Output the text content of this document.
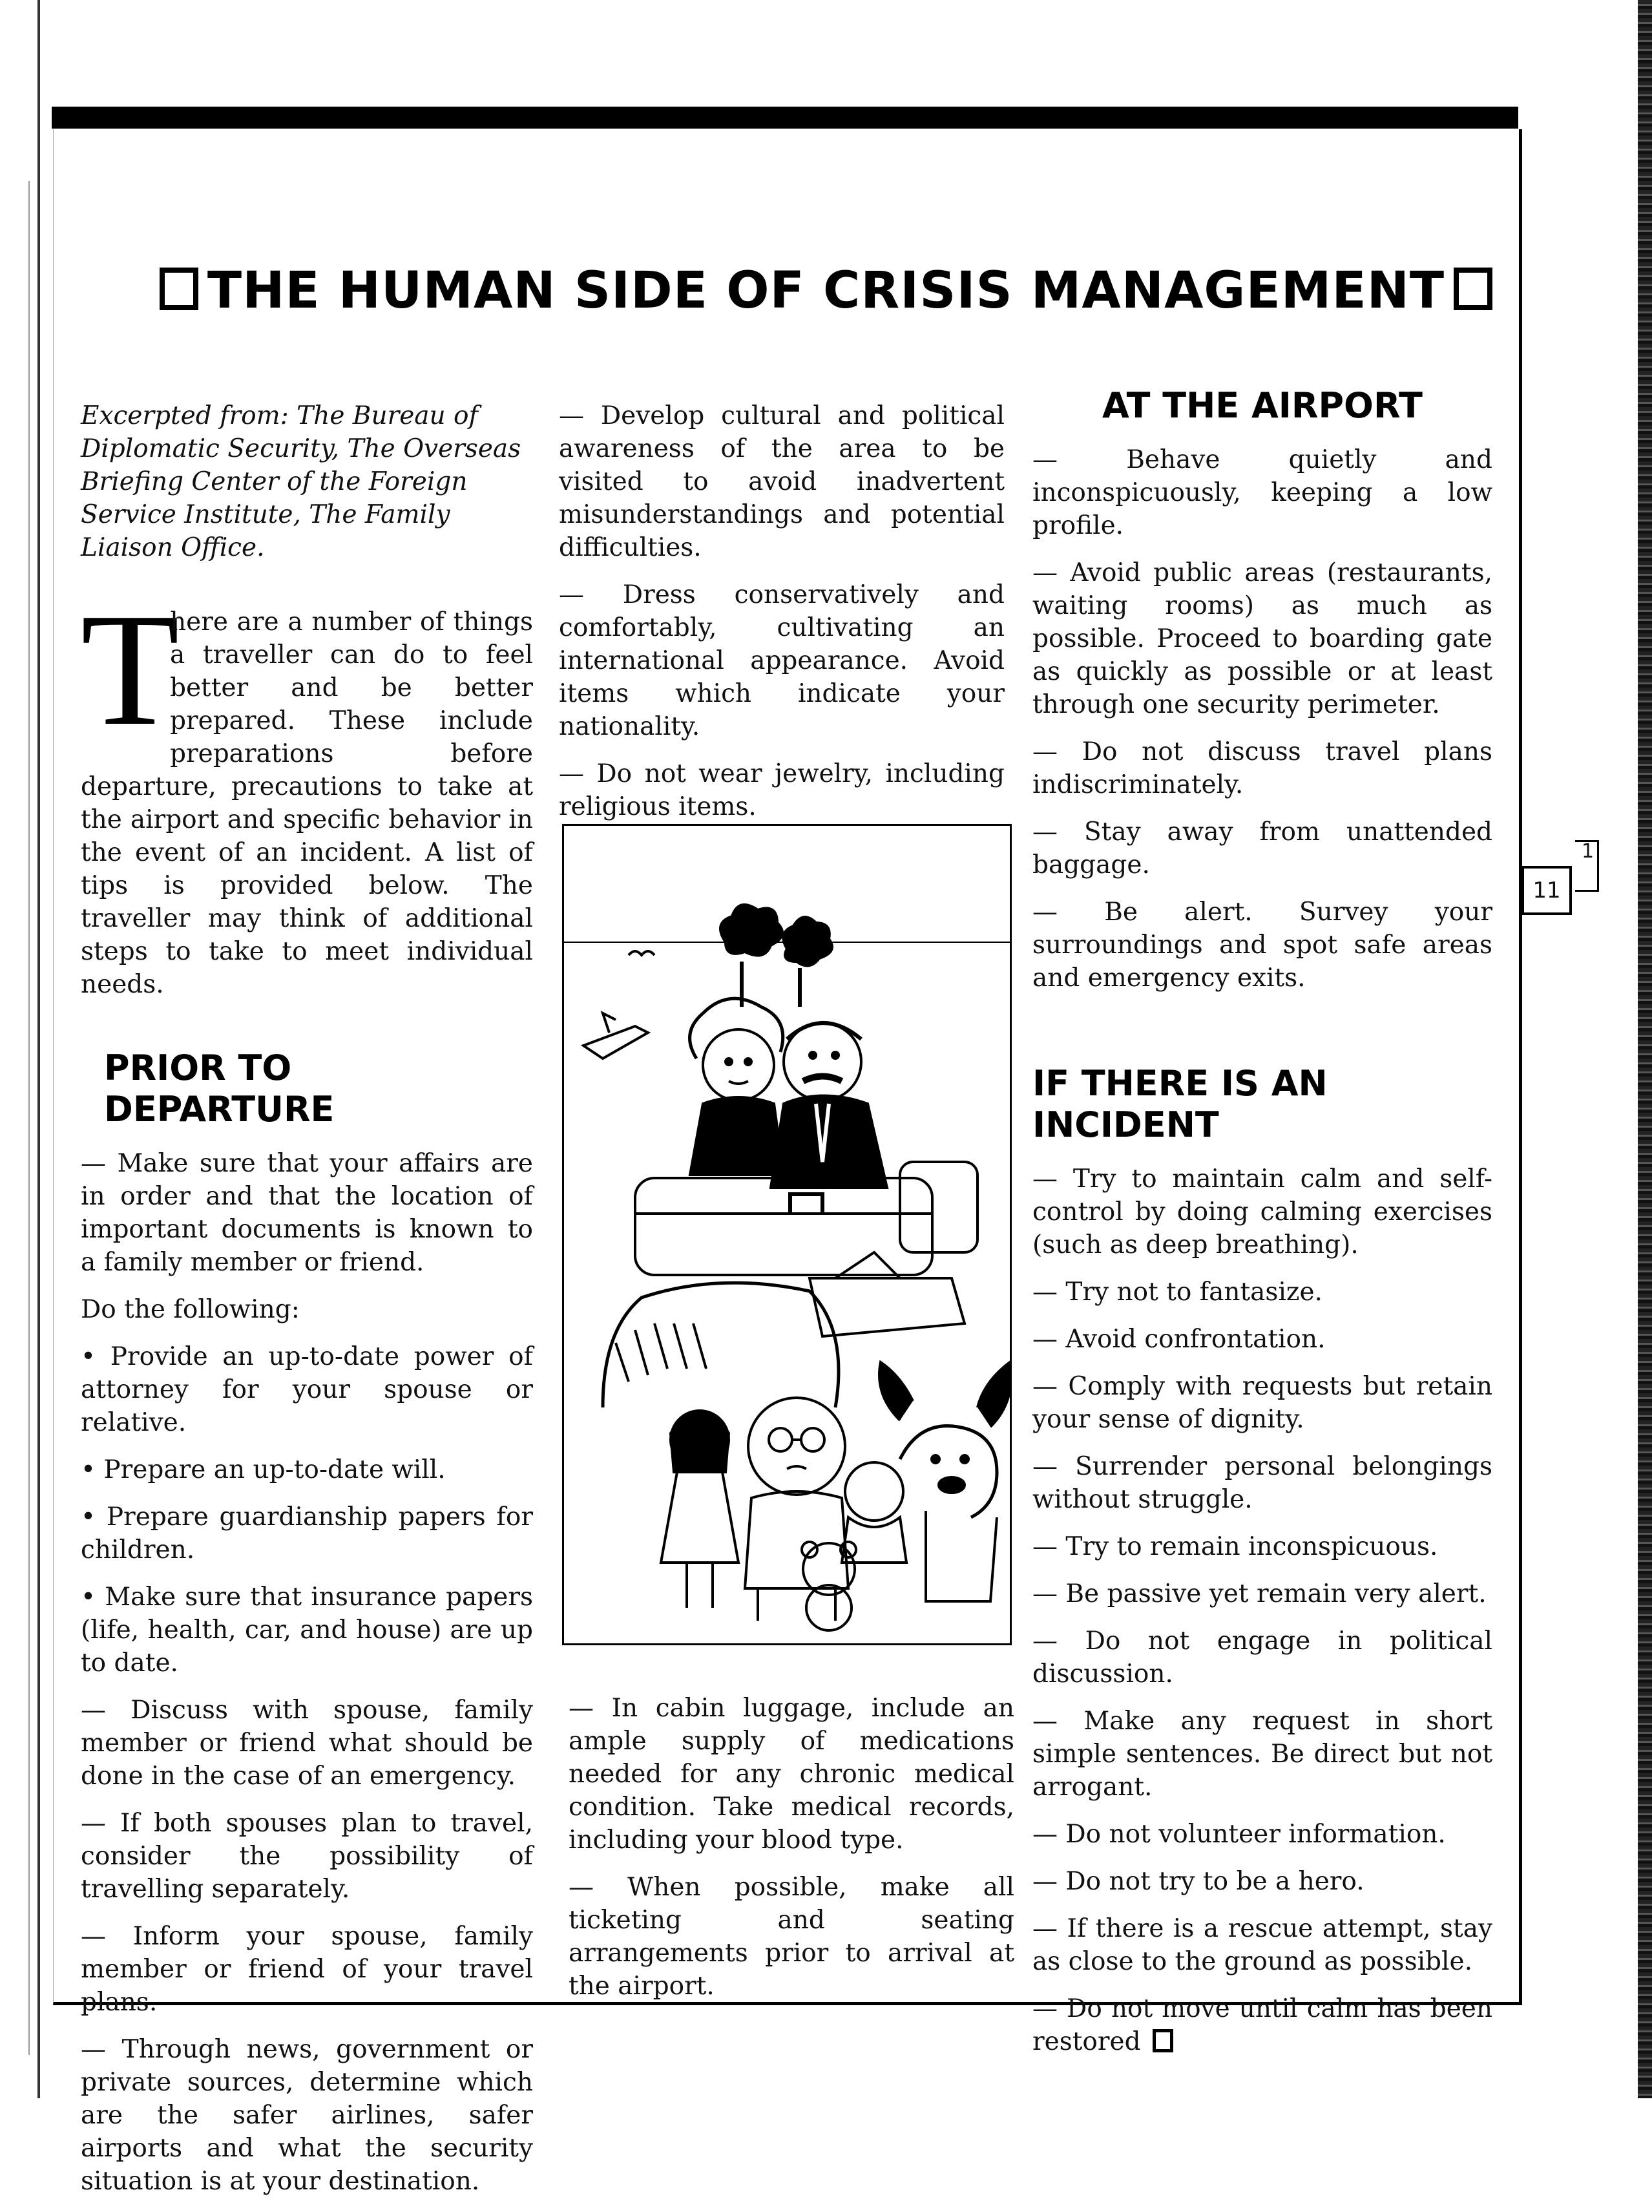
THE HUMAN SIDE OF CRISIS MANAGEMENT

Excerpted from: The Bureau of Diplomatic Security, The Overseas Briefing Center of the Foreign Service Institute, The Family Liaison Office.

T

here are a number of things a traveller can do to feel better and be better prepared. These include preparations before departure, precautions to take at the airport and specific behavior in the event of an incident. A list of tips is provided below. The traveller may think of additional steps to take to meet individual needs.

PRIOR TO DEPARTURE

— Make sure that your affairs are in order and that the location of important documents is known to a family member or friend.

Do the following:

• Provide an up-to-date power of attorney for your spouse or relative.

• Prepare an up-to-date will.

• Prepare guardianship papers for children.

• Make sure that insurance papers (life, health, car, and house) are up to date.

— Discuss with spouse, family member or friend what should be done in the case of an emergency.

— If both spouses plan to travel, consider the possibility of travelling separately.

— Inform your spouse, family member or friend of your travel plans.

— Through news, government or private sources, determine which are the safer airlines, safer airports and what the security situation is at your destination.

— Develop cultural and political awareness of the area to be visited to avoid inadvertent misunderstandings and potential difficulties.

— Dress conservatively and comfortably, cultivating an international appearance. Avoid items which indicate your nationality.

— Do not wear jewelry, including religious items.

— In cabin luggage, include an ample supply of medications needed for any chronic medical condition. Take medical records, including your blood type.

— When possible, make all ticketing and seating arrangements prior to arrival at the airport.

AT THE AIRPORT

— Behave quietly and inconspicuously, keeping a low profile.

— Avoid public areas (restaurants, waiting rooms) as much as possible. Proceed to boarding gate as quickly as possible or at least through one security perimeter.

— Do not discuss travel plans indiscriminately.

— Stay away from unattended baggage.

— Be alert. Survey your surroundings and spot safe areas and emergency exits.

IF THERE IS AN INCIDENT

— Try to maintain calm and self-control by doing calming exercises (such as deep breathing).

— Try not to fantasize.

— Avoid confrontation.

— Comply with requests but retain your sense of dignity.

— Surrender personal belongings without struggle.

— Try to remain inconspicuous.

— Be passive yet remain very alert.

— Do not engage in political discussion.

— Make any request in short simple sentences. Be direct but not arrogant.

— Do not volunteer information.

— Do not try to be a hero.

— If there is a rescue attempt, stay as close to the ground as possible.

— Do not move until calm has been restored

11
1
